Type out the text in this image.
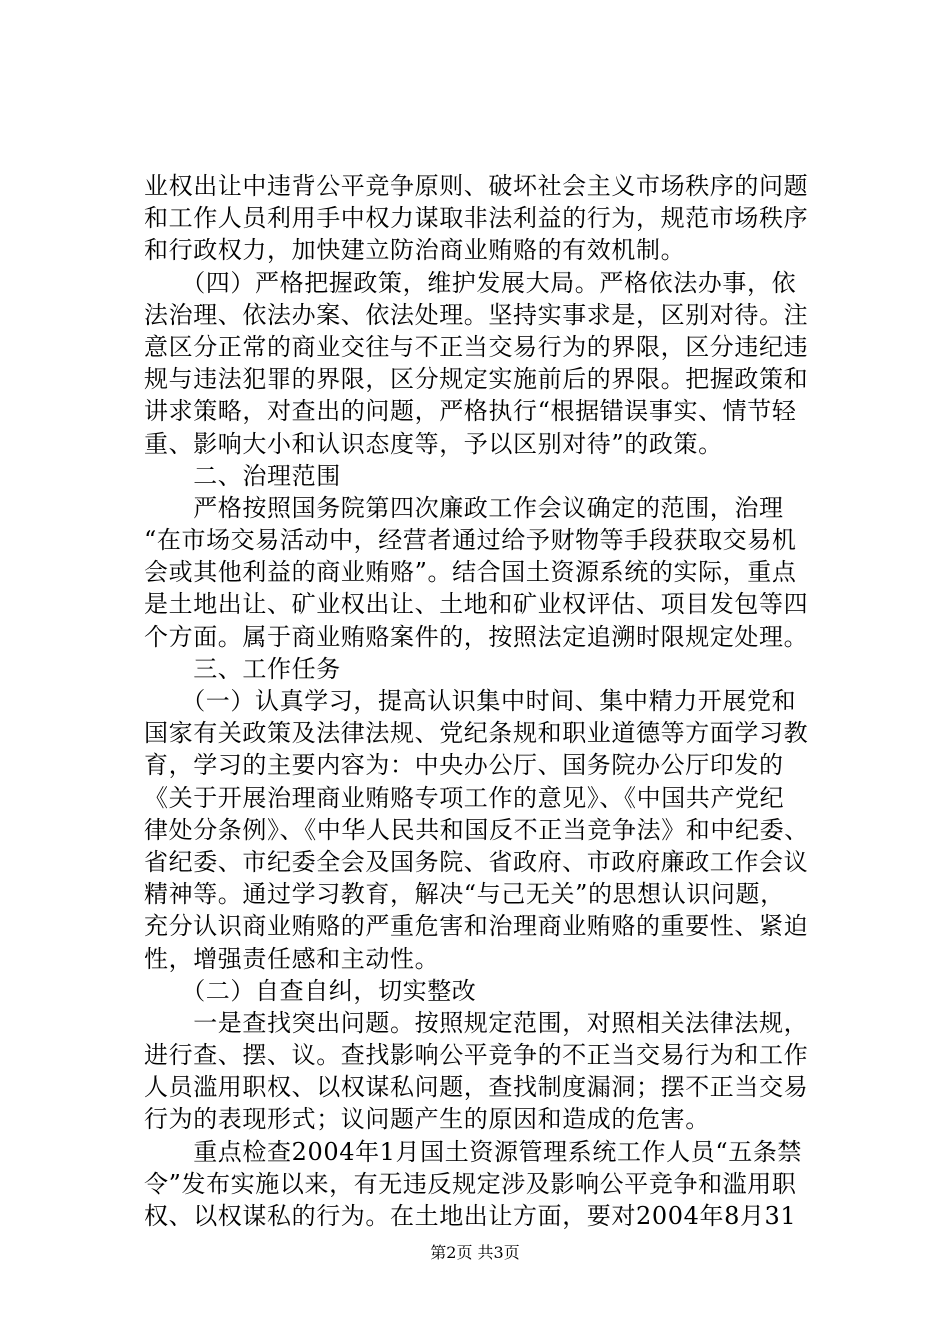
业权出让中违背公平竞争原则、破坏社会主义市场秩序的问题
和工作人员利用手中权力谋取非法利益的行为，规范市场秩序
和行政权力，加快建立防治商业贿赂的有效机制。
　　（四）严格把握政策，维护发展大局。严格依法办事，依
法治理、依法办案、依法处理。坚持实事求是，区别对待。注
意区分正常的商业交往与不正当交易行为的界限，区分违纪违
规与违法犯罪的界限，区分规定实施前后的界限。把握政策和
讲求策略，对查出的问题，严格执行“根据错误事实、情节轻
重、影响大小和认识态度等，予以区别对待”的政策。
　　二、治理范围
　　严格按照国务院第四次廉政工作会议确定的范围，治理
“在市场交易活动中，经营者通过给予财物等手段获取交易机
会或其他利益的商业贿赂”。结合国土资源系统的实际，重点
是土地出让、矿业权出让、土地和矿业权评估、项目发包等四
个方面。属于商业贿赂案件的，按照法定追溯时限规定处理。
　　三、工作任务
　　（一）认真学习，提高认识集中时间、集中精力开展党和
国家有关政策及法律法规、党纪条规和职业道德等方面学习教
育，学习的主要内容为：中央办公厅、国务院办公厅印发的
《关于开展治理商业贿赂专项工作的意见》、《中国共产党纪
律处分条例》、《中华人民共和国反不正当竞争法》和中纪委、
省纪委、市纪委全会及国务院、省政府、市政府廉政工作会议
精神等。通过学习教育，解决“与己无关”的思想认识问题，
充分认识商业贿赂的严重危害和治理商业贿赂的重要性、紧迫
性，增强责任感和主动性。
　　（二）自查自纠，切实整改
　　一是查找突出问题。按照规定范围，对照相关法律法规，
进行查、摆、议。查找影响公平竞争的不正当交易行为和工作
人员滥用职权、以权谋私问题，查找制度漏洞；摆不正当交易
行为的表现形式；议问题产生的原因和造成的危害。
　　重点检查2004年1月国土资源管理系统工作人员“五条禁
令”发布实施以来，有无违反规定涉及影响公平竞争和滥用职
权、以权谋私的行为。在土地出让方面，要对2004年8月31
第2页 共3页
